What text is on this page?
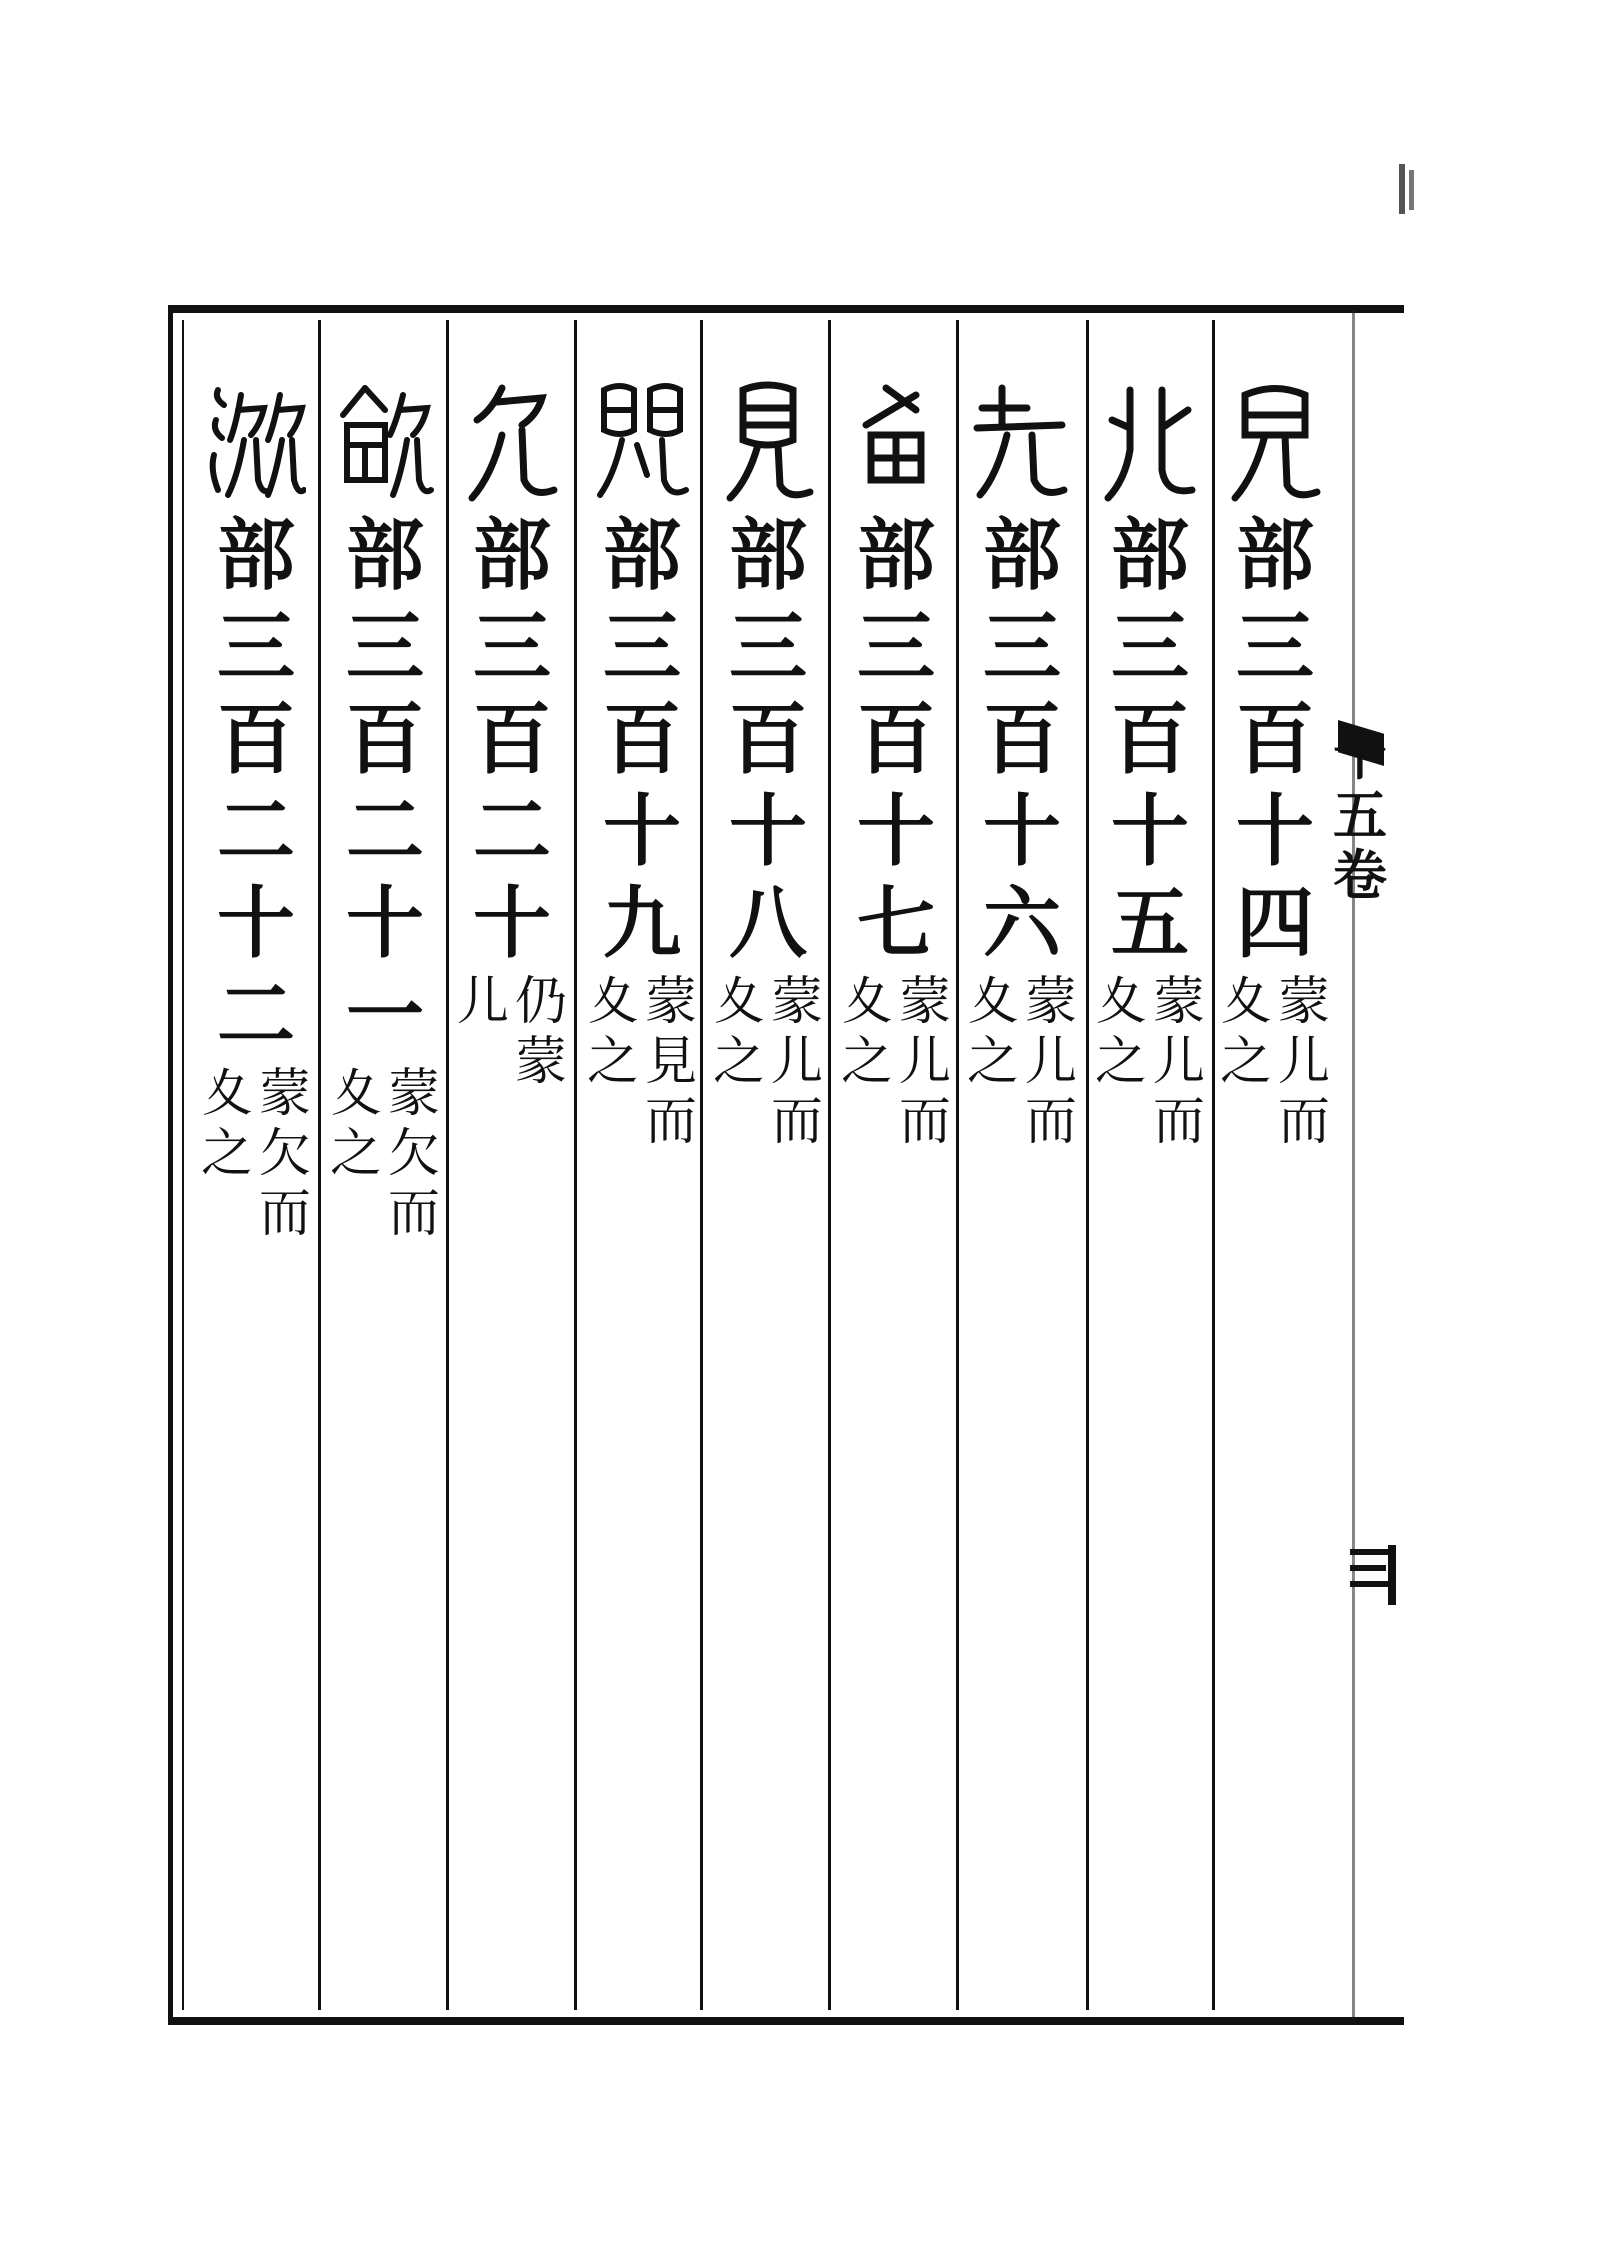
十
五
卷
部
三
百
十
四
蒙
儿
而
夊
之
部
三
百
十
五
蒙
儿
而
夊
之
部
三
百
十
六
蒙
儿
而
夊
之
部
三
百
十
七
蒙
儿
而
夊
之
部
三
百
十
八
蒙
儿
而
夊
之
部
三
百
十
九
蒙
見
而
夊
之
部
三
百
二
十
仍
蒙
儿
部
三
百
二
十
一
蒙
欠
而
夊
之
部
三
百
二
十
二
蒙
欠
而
夊
之
